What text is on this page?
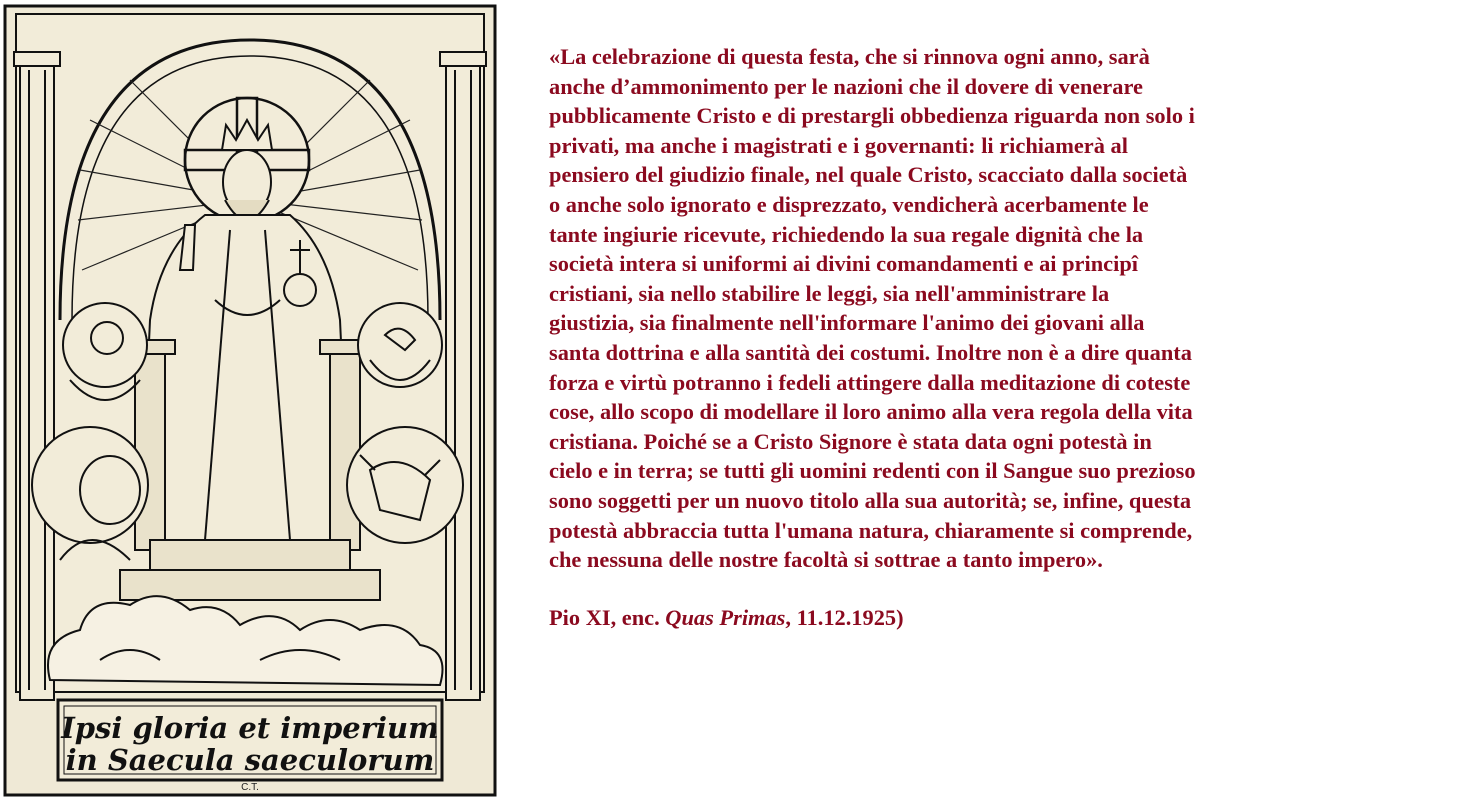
Ipsi gloria et imperium
in Saecula saeculorum
C.T.

«La celebrazione di questa festa, che si rinnova ogni anno, sarà
anche d’ammonimento per le nazioni che il dovere di venerare
pubblicamente Cristo e di prestargli obbedienza riguarda non solo i
privati, ma anche i magistrati e i governanti: li richiamerà al
pensiero del giudizio finale, nel quale Cristo, scacciato dalla società
o anche solo ignorato e disprezzato, vendicherà acerbamente le
tante ingiurie ricevute, richiedendo la sua regale dignità che la
società intera si uniformi ai divini comandamenti e ai principî
cristiani, sia nello stabilire le leggi, sia nell'amministrare la
giustizia, sia finalmente nell'informare l'animo dei giovani alla
santa dottrina e alla santità dei costumi. Inoltre non è a dire quanta
forza e virtù potranno i fedeli attingere dalla meditazione di coteste
cose, allo scopo di modellare il loro animo alla vera regola della vita
cristiana. Poiché se a Cristo Signore è stata data ogni potestà in
cielo e in terra; se tutti gli uomini redenti con il Sangue suo prezioso
sono soggetti per un nuovo titolo alla sua autorità; se, infine, questa
potestà abbraccia tutta l'umana natura, chiaramente si comprende,
che nessuna delle nostre facoltà si sottrae a tanto impero».

Pio XI, enc. Quas Primas, 11.12.1925)
